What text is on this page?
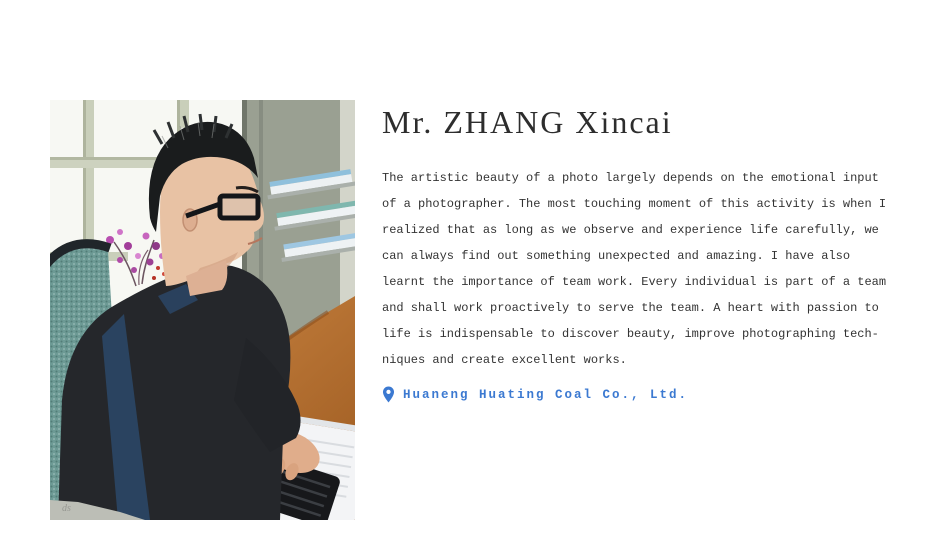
ds
Mr. ZHANG Xincai
The artistic beauty of a photo largely depends on the emotional input
of a photographer. The most touching moment of this activity is when I
realized that as long as we observe and experience life carefully, we
can always find out something unexpected and amazing. I have also
learnt the importance of team work. Every individual is part of a team
and shall work proactively to serve the team. A heart with passion to
life is indispensable to discover beauty, improve photographing tech-
niques and create excellent works.
Huaneng Huating Coal Co., Ltd.
